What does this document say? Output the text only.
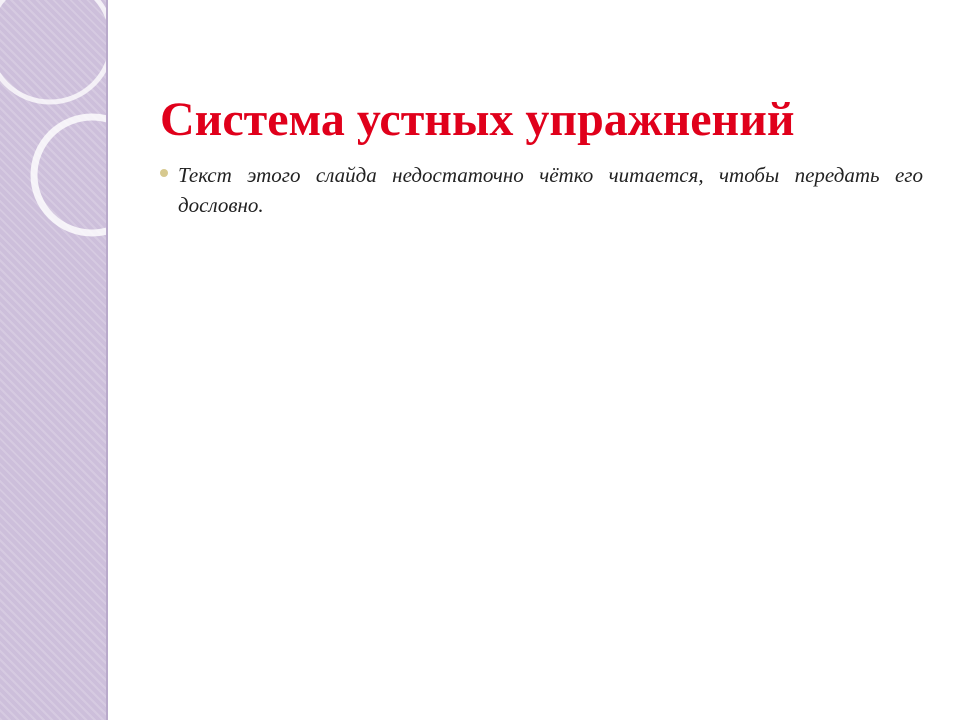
Система устных упражнений
Текст этого слайда недостаточно чётко читается, чтобы передать его дословно.
